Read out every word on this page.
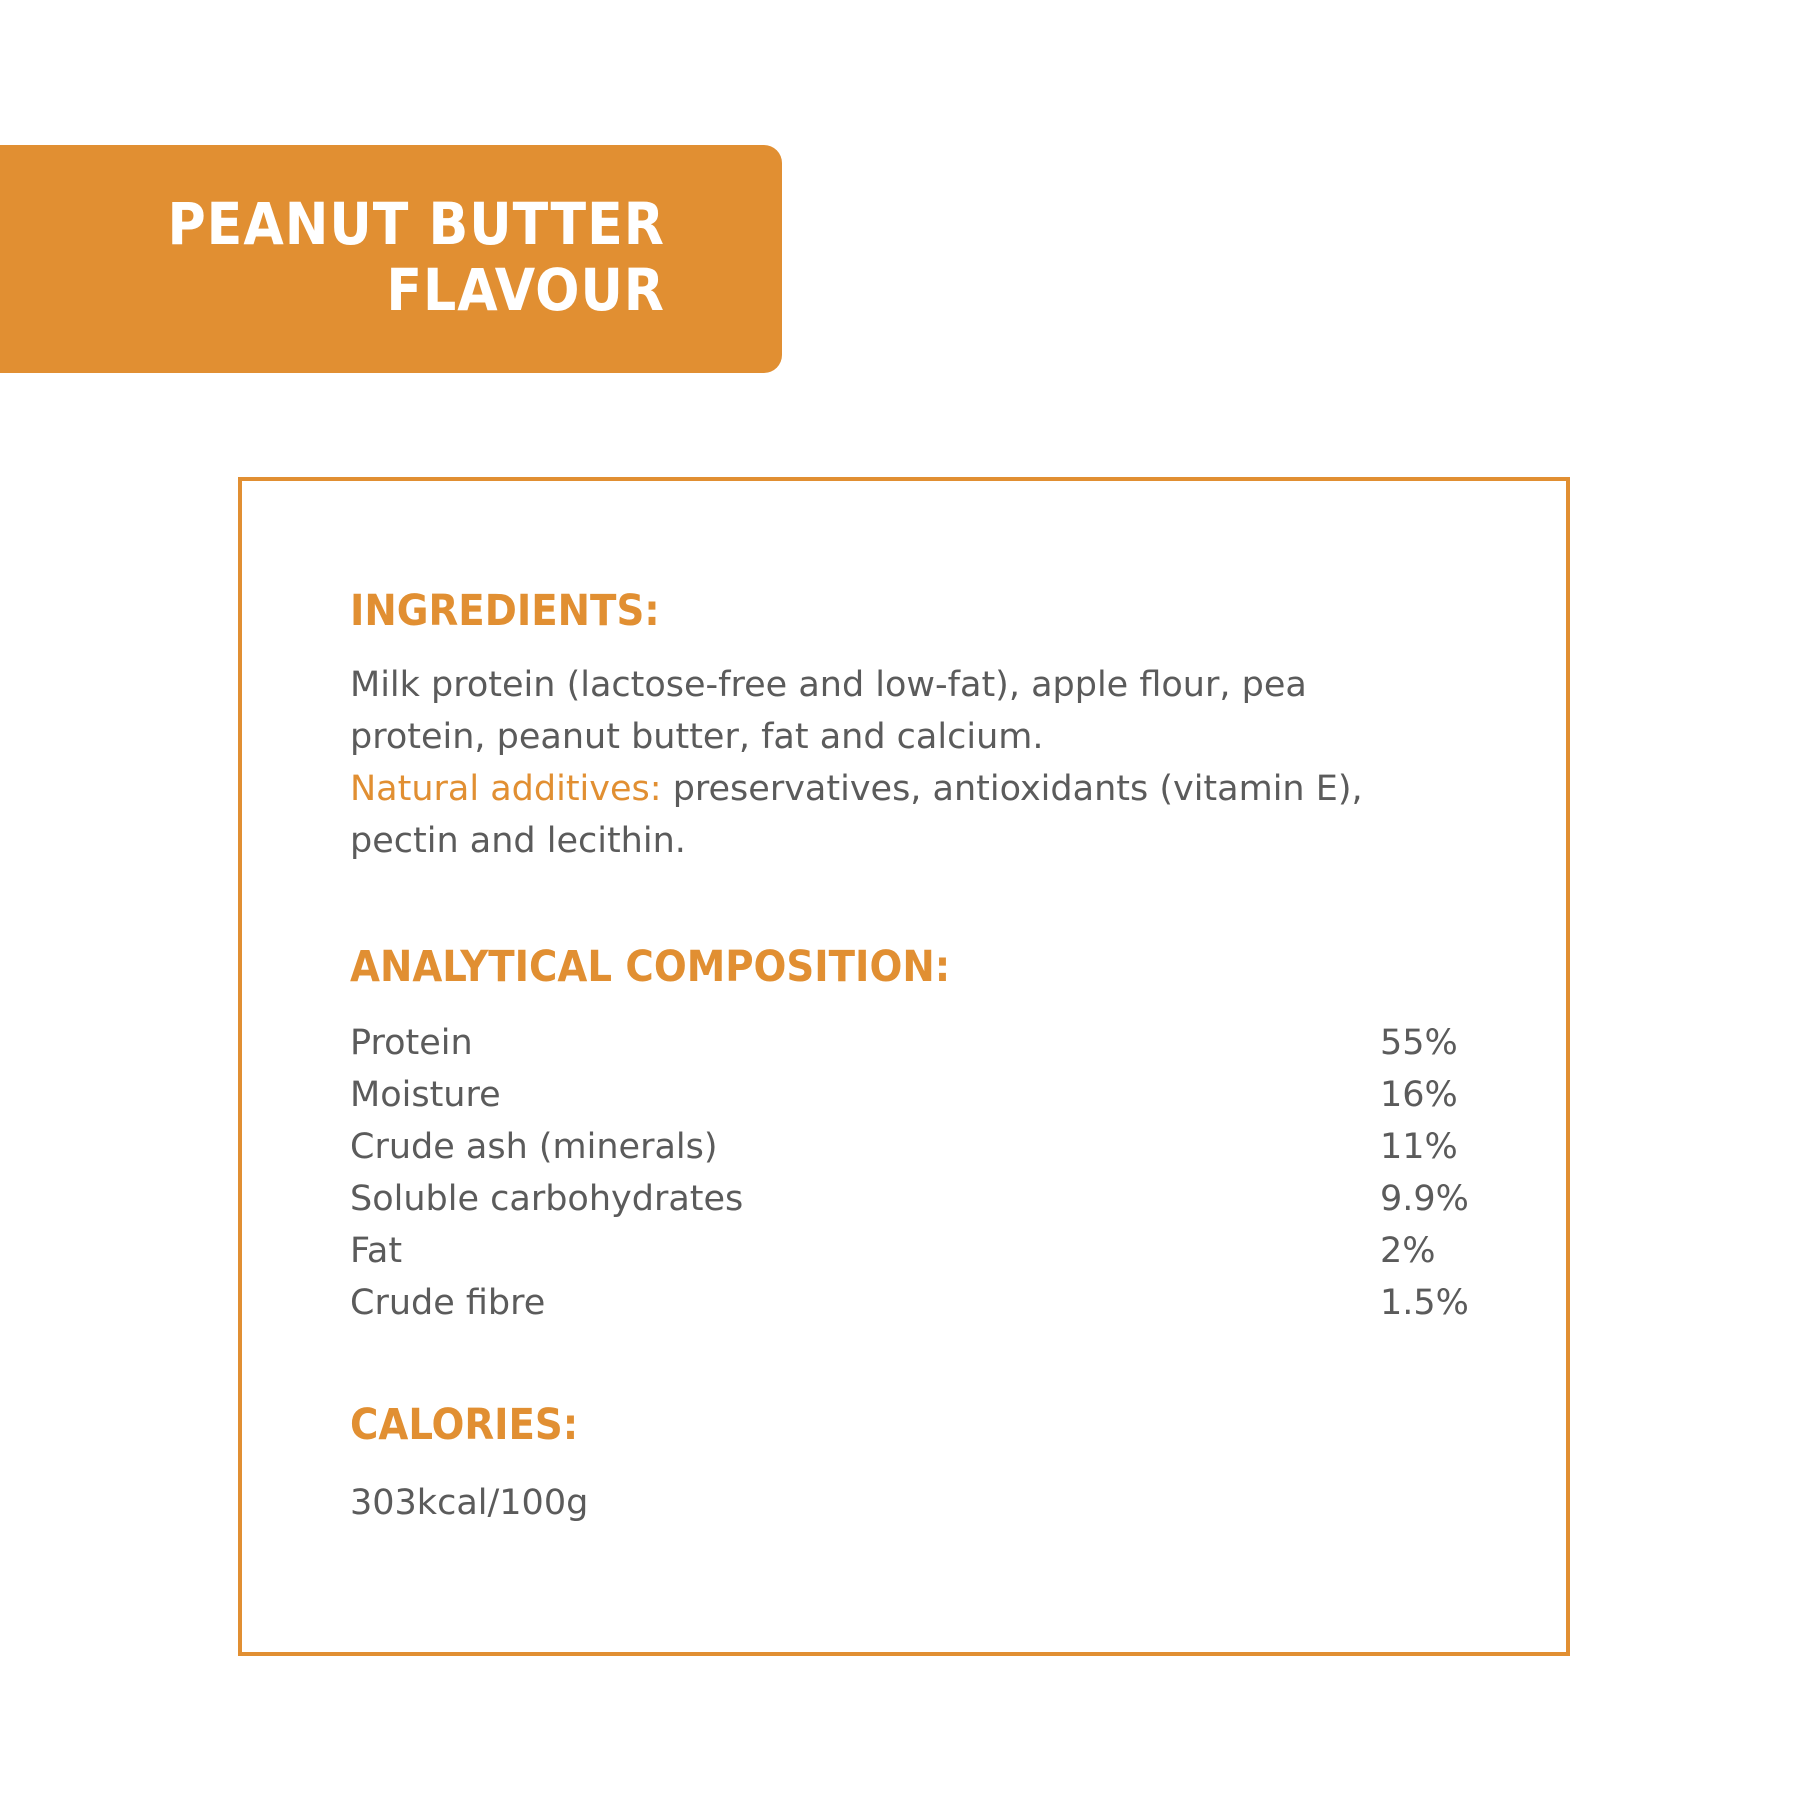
PEANUT BUTTER
FLAVOUR
INGREDIENTS:

Milk protein (lactose-free and low-fat), apple flour, pea protein, peanut butter, fat and calcium.
Natural additives: preservatives, antioxidants (vitamin E), pectin and lecithin.

ANALYTICAL COMPOSITION:
Protein	55%
Moisture	16%
Crude ash (minerals)	11%
Soluble carbohydrates	9.9%
Fat	2%
Crude fibre	1.5%
CALORIES:

303kcal/100g
